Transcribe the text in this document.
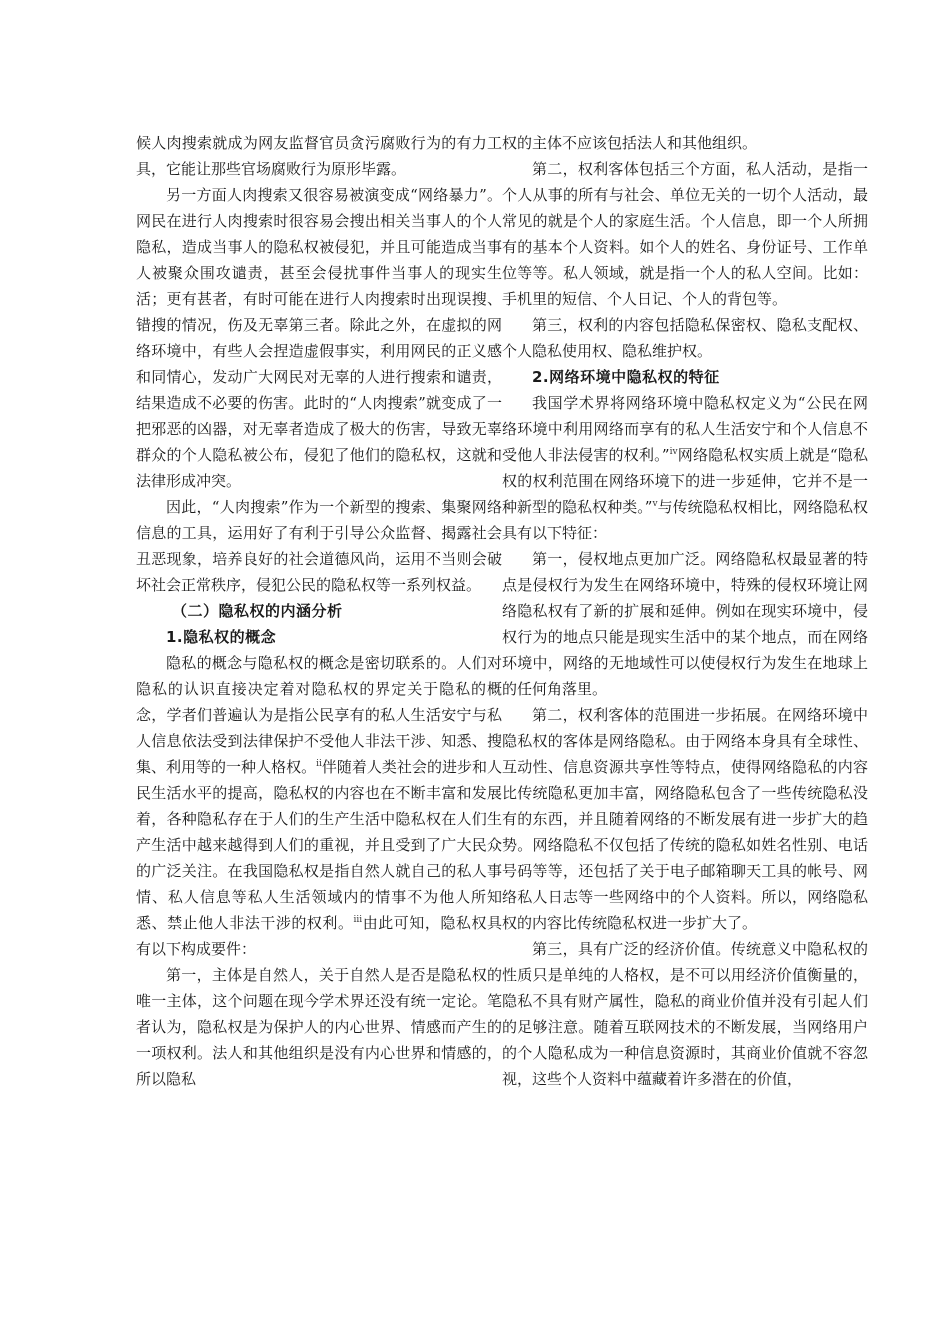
候人肉搜索就成为网友监督官员贪污腐败行为的有力工具，它能让那些官场腐败行为原形毕露。

另一方面人肉搜索又很容易被演变成“网络暴力”。网民在进行人肉搜索时很容易会搜出相关当事人的个人隐私，造成当事人的隐私权被侵犯，并且可能造成当事人被聚众围攻谴责，甚至会侵扰事件当事人的现实生活；更有甚者，有时可能在进行人肉搜索时出现误搜、错搜的情况，伤及无辜第三者。除此之外，在虚拟的网络环境中，有些人会捏造虚假事实，利用网民的正义感和同情心，发动广大网民对无辜的人进行搜索和谴责，结果造成不必要的伤害。此时的“人肉搜索”就变成了一把邪恶的凶器，对无辜者造成了极大的伤害，导致无辜群众的个人隐私被公布，侵犯了他们的隐私权，这就和法律形成冲突。

因此，“人肉搜索”作为一个新型的搜索、集聚网络信息的工具，运用好了有利于引导公众监督、揭露社会丑恶现象，培养良好的社会道德风尚，运用不当则会破坏社会正常秩序，侵犯公民的隐私权等一系列权益。

（二）隐私权的内涵分析

1.隐私权的概念

隐私的概念与隐私权的概念是密切联系的。人们对隐私的认识直接决定着对隐私权的界定关于隐私的概念，学者们普遍认为是指公民享有的私人生活安宁与私人信息依法受到法律保护不受他人非法干涉、知悉、搜集、利用等的一种人格权。$^{ii}$伴随着人类社会的进步和人民生活水平的提高，隐私权的内容也在不断丰富和发展着，各种隐私存在于人们的生产生活中隐私权在人们生产生活中越来越得到人们的重视，并且受到了广大民众的广泛关注。在我国隐私权是指自然人就自己的私人事情、私人信息等私人生活领域内的情事不为他人所知悉、禁止他人非法干涉的权利。$^{iii}$由此可知，隐私权具有以下构成要件：

第一，主体是自然人，关于自然人是否是隐私权的唯一主体，这个问题在现今学术界还没有统一定论。笔者认为，隐私权是为保护人的内心世界、情感而产生的一项权利。法人和其他组织是没有内心世界和情感的，所以隐私

权的主体不应该包括法人和其他组织。

第二，权利客体包括三个方面，私人活动，是指一个人从事的所有与社会、单位无关的一切个人活动，最常见的就是个人的家庭生活。个人信息，即一个人所拥有的基本个人资料。如个人的姓名、身份证号、工作单位等等。私人领域，就是指一个人的私人空间。比如：手机里的短信、个人日记、个人的背包等。

第三，权利的内容包括隐私保密权、隐私支配权、个人隐私使用权、隐私维护权。

2.网络环境中隐私权的特征

我国学术界将网络环境中隐私权定义为“公民在网络环境中利用网络而享有的私人生活安宁和个人信息不受他人非法侵害的权利。”$^{iv}$网络隐私权实质上就是“隐私权的权利范围在网络环境下的进一步延伸，它并不是一种新型的隐私权种类。”$^v$与传统隐私权相比，网络隐私权具有以下特征：

第一，侵权地点更加广泛。网络隐私权最显著的特点是侵权行为发生在网络环境中，特殊的侵权环境让网络隐私权有了新的扩展和延伸。例如在现实环境中，侵权行为的地点只能是现实生活中的某个地点，而在网络环境中，网络的无地域性可以使侵权行为发生在地球上的任何角落里。

第二，权利客体的范围进一步拓展。在网络环境中隐私权的客体是网络隐私。由于网络本身具有全球性、互动性、信息资源共享性等特点，使得网络隐私的内容比传统隐私更加丰富，网络隐私包含了一些传统隐私没有的东西，并且随着网络的不断发展有进一步扩大的趋势。网络隐私不仅包括了传统的隐私如姓名性别、电话号码等等，还包括了关于电子邮箱聊天工具的帐号、网络私人日志等一些网络中的个人资料。所以，网络隐私权的内容比传统隐私权进一步扩大了。

第三，具有广泛的经济价值。传统意义中隐私权的性质只是单纯的人格权，是不可以用经济价值衡量的，隐私不具有财产属性，隐私的商业价值并没有引起人们的足够注意。随着互联网技术的不断发展，当网络用户的个人隐私成为一种信息资源时，其商业价值就不容忽视，这些个人资料中蕴藏着许多潜在的价值，
